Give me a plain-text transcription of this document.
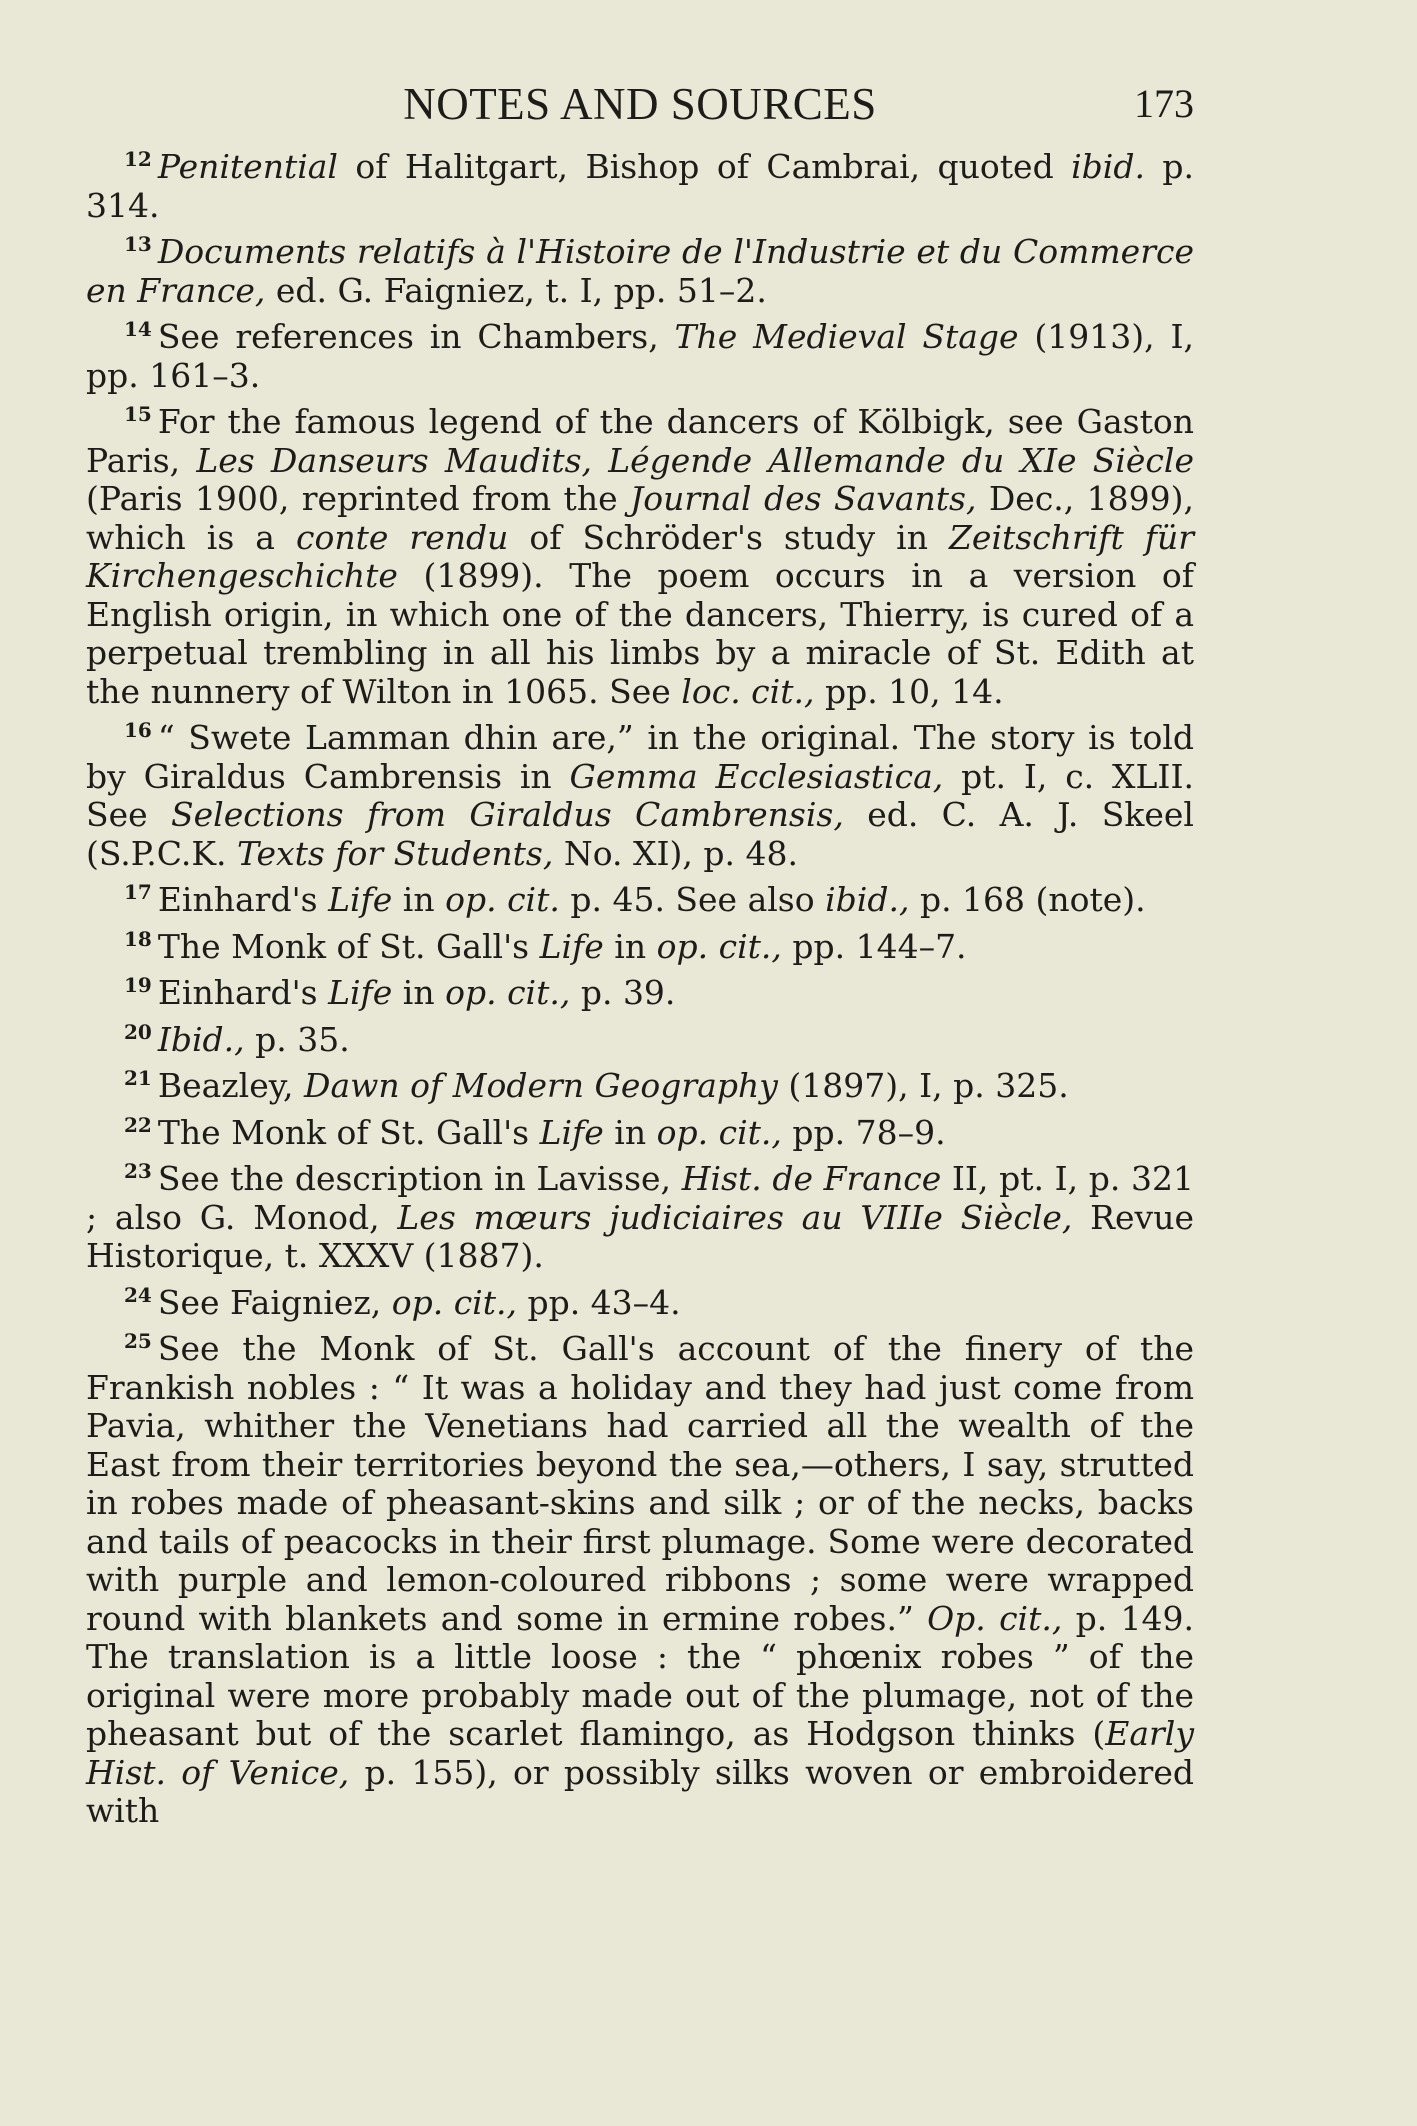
NOTES AND SOURCES	173

$^{12}$ Penitential of Halitgart, Bishop of Cambrai, quoted ibid. p. 314.

$^{13}$ Documents relatifs à l'Histoire de l'Industrie et du Commerce en France, ed. G. Faigniez, t. I, pp. 51–2.

$^{14}$ See references in Chambers, The Medieval Stage (1913), I, pp. 161–3.

$^{15}$ For the famous legend of the dancers of Kölbigk, see Gaston Paris, Les Danseurs Maudits, Légende Allemande du XIe Siècle (Paris 1900, reprinted from the Journal des Savants, Dec., 1899), which is a conte rendu of Schröder's study in Zeitschrift für Kirchengeschichte (1899). The poem occurs in a version of English origin, in which one of the dancers, Thierry, is cured of a perpetual trembling in all his limbs by a miracle of St. Edith at the nunnery of Wilton in 1065. See loc. cit., pp. 10, 14.

$^{16}$ “ Swete Lamman dhin are,” in the original. The story is told by Giraldus Cambrensis in Gemma Ecclesiastica, pt. I, c. XLII. See Selections from Giraldus Cambrensis, ed. C. A. J. Skeel (S.P.C.K. Texts for Students, No. XI), p. 48.

$^{17}$ Einhard's Life in op. cit. p. 45. See also ibid., p. 168 (note).

$^{18}$ The Monk of St. Gall's Life in op. cit., pp. 144–7.

$^{19}$ Einhard's Life in op. cit., p. 39.

$^{20}$ Ibid., p. 35.

$^{21}$ Beazley, Dawn of Modern Geography (1897), I, p. 325.

$^{22}$ The Monk of St. Gall's Life in op. cit., pp. 78–9.

$^{23}$ See the description in Lavisse, Hist. de France II, pt. I, p. 321 ; also G. Monod, Les mœurs judiciaires au VIIIe Siècle, Revue Historique, t. XXXV (1887).

$^{24}$ See Faigniez, op. cit., pp. 43–4.

$^{25}$ See the Monk of St. Gall's account of the finery of the Frankish nobles : “ It was a holiday and they had just come from Pavia, whither the Venetians had carried all the wealth of the East from their territories beyond the sea,—others, I say, strutted in robes made of pheasant-skins and silk ; or of the necks, backs and tails of peacocks in their first plumage. Some were decorated with purple and lemon-coloured ribbons ; some were wrapped round with blankets and some in ermine robes.” Op. cit., p. 149. The translation is a little loose : the “ phœnix robes ” of the original were more probably made out of the plumage, not of the pheasant but of the scarlet flamingo, as Hodgson thinks (Early Hist. of Venice, p. 155), or possibly silks woven or embroidered with
